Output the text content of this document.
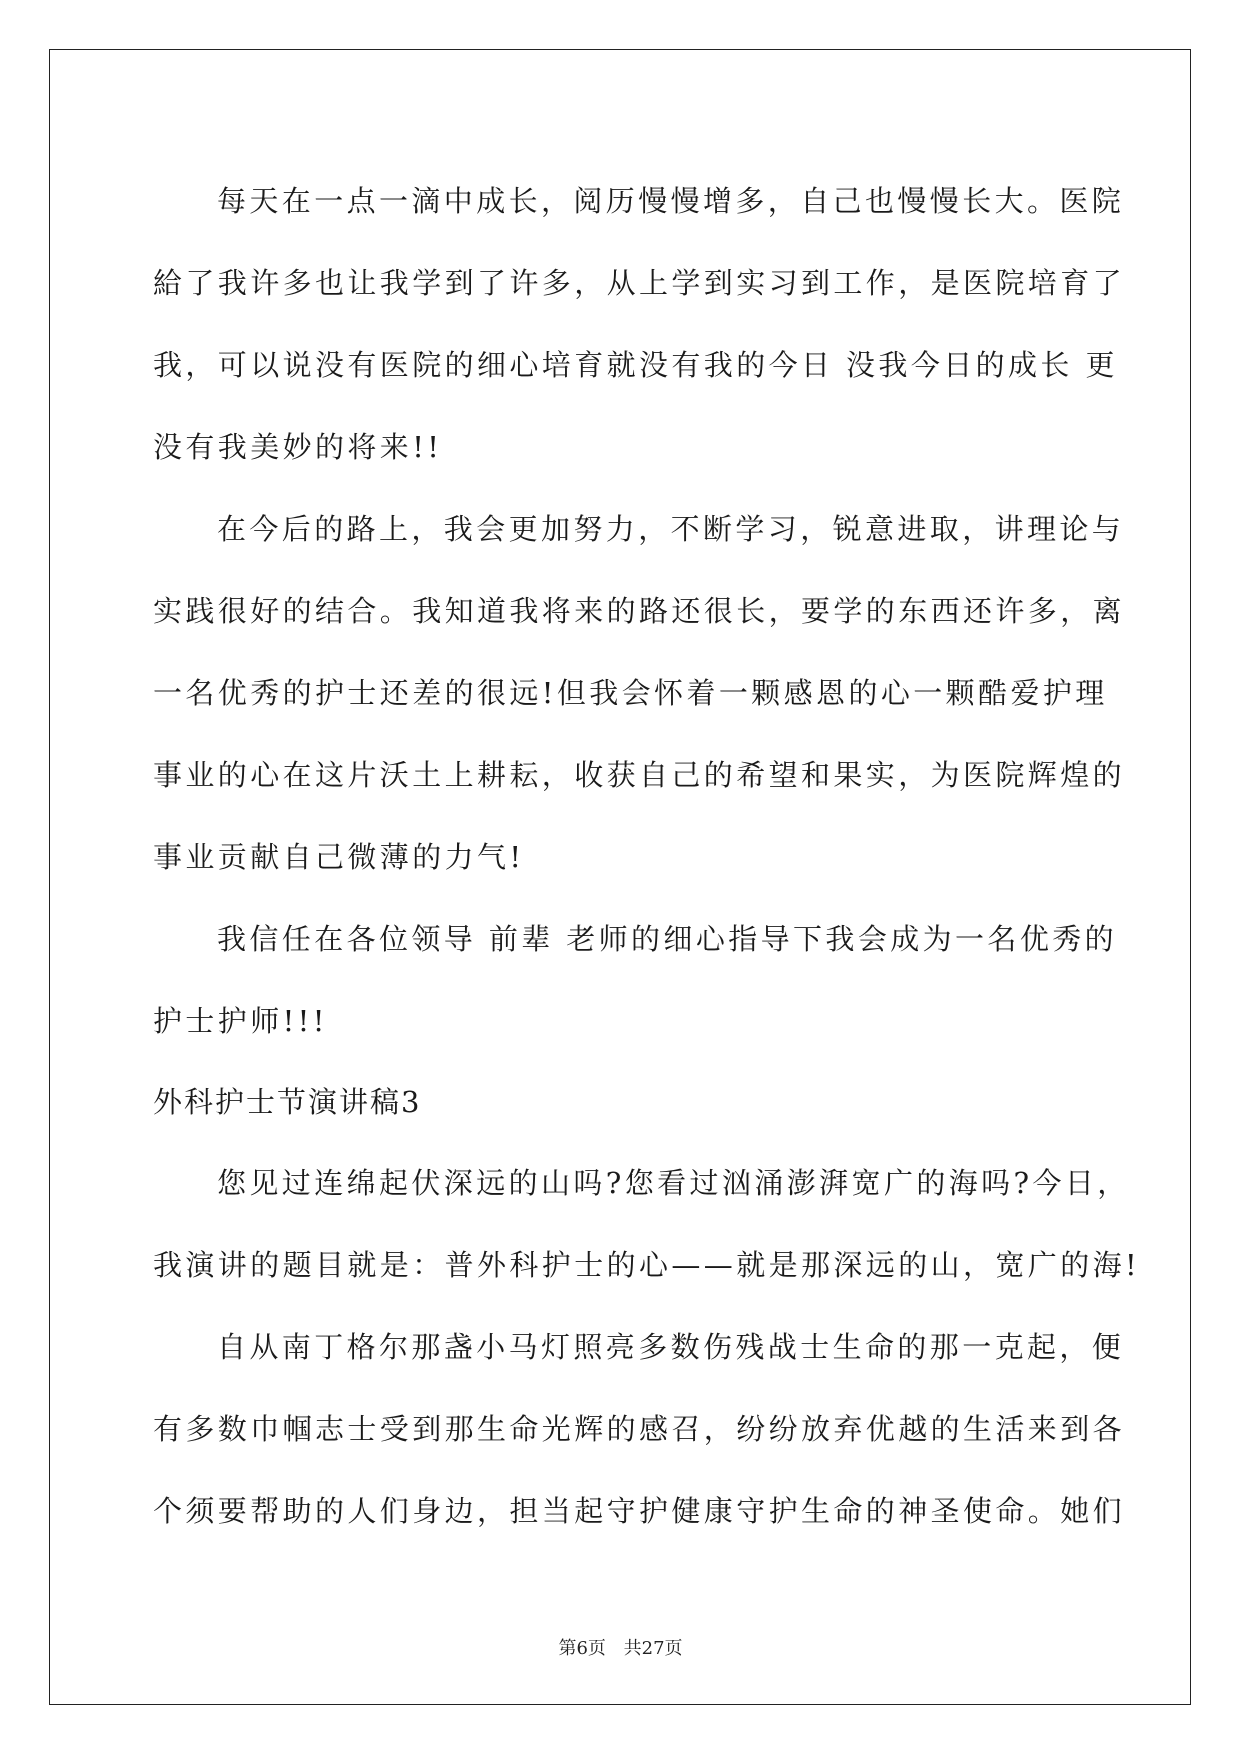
每天在一点一滴中成长，阅历慢慢增多，自己也慢慢长大。医院
給了我许多也让我学到了许多，从上学到实习到工作，是医院培育了
我，可以说没有医院的细心培育就没有我的今日 没我今日的成长 更
没有我美妙的将来!!
在今后的路上，我会更加努力，不断学习，锐意进取，讲理论与
实践很好的结合。我知道我将来的路还很长，要学的东西还许多，离
一名优秀的护士还差的很远!但我会怀着一颗感恩的心一颗酷爱护理
事业的心在这片沃土上耕耘，收获自己的希望和果实，为医院辉煌的
事业贡献自己微薄的力气!
我信任在各位领导 前辈 老师的细心指导下我会成为一名优秀的
护士护师!!!
外科护士节演讲稿3
您见过连绵起伏深远的山吗?您看过汹涌澎湃宽广的海吗?今日，
我演讲的题目就是：普外科护士的心——就是那深远的山，宽广的海!
自从南丁格尔那盏小马灯照亮多数伤残战士生命的那一克起，便
有多数巾帼志士受到那生命光辉的感召，纷纷放弃优越的生活来到各
个须要帮助的人们身边，担当起守护健康守护生命的神圣使命。她们
第6页 共27页
